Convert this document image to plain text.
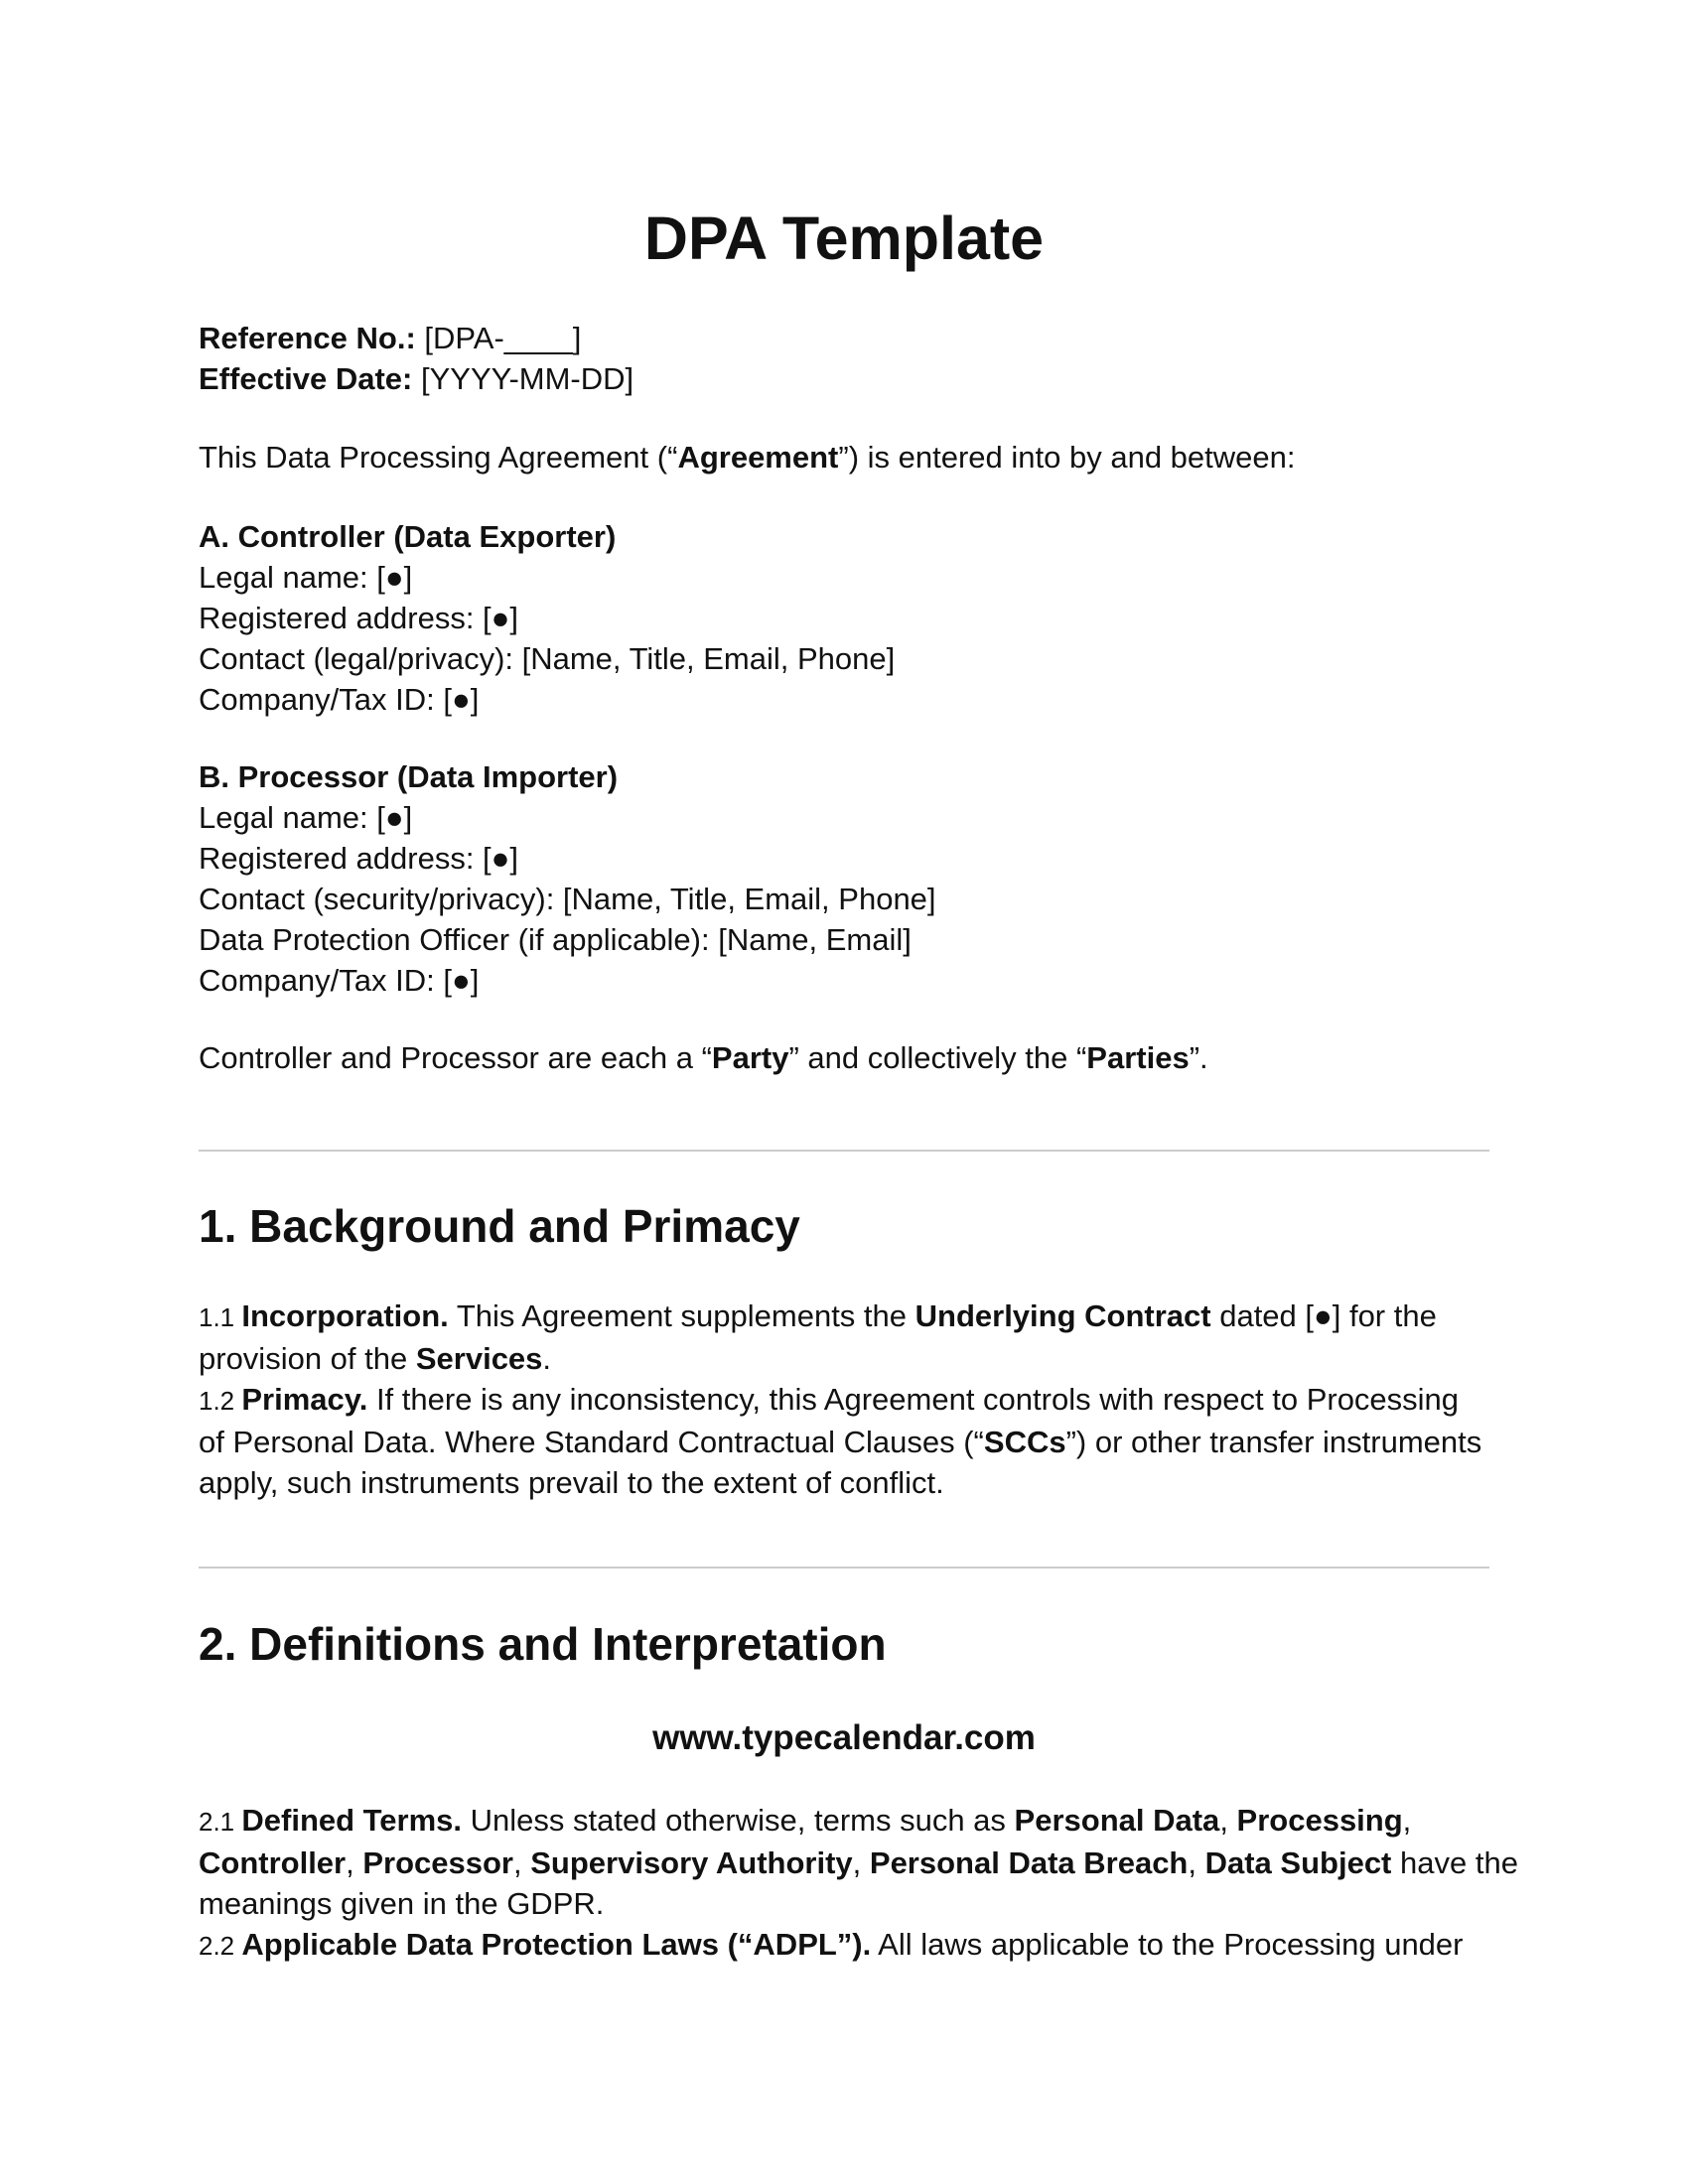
DPA Template
Reference No.: [DPA-____]
Effective Date: [YYYY-MM-DD]
This Data Processing Agreement (“Agreement”) is entered into by and between:
A. Controller (Data Exporter)
Legal name: [●]
Registered address: [●]
Contact (legal/privacy): [Name, Title, Email, Phone]
Company/Tax ID: [●]
B. Processor (Data Importer)
Legal name: [●]
Registered address: [●]
Contact (security/privacy): [Name, Title, Email, Phone]
Data Protection Officer (if applicable): [Name, Email]
Company/Tax ID: [●]
Controller and Processor are each a “Party” and collectively the “Parties”.
1. Background and Primacy
1.1 Incorporation. This Agreement supplements the Underlying Contract dated [●] for the
provision of the Services.
1.2 Primacy. If there is any inconsistency, this Agreement controls with respect to Processing
of Personal Data. Where Standard Contractual Clauses (“SCCs”) or other transfer instruments
apply, such instruments prevail to the extent of conflict.
2. Definitions and Interpretation
www.typecalendar.com
2.1 Defined Terms. Unless stated otherwise, terms such as Personal Data, Processing,
Controller, Processor, Supervisory Authority, Personal Data Breach, Data Subject have the
meanings given in the GDPR.
2.2 Applicable Data Protection Laws (“ADPL”). All laws applicable to the Processing under
